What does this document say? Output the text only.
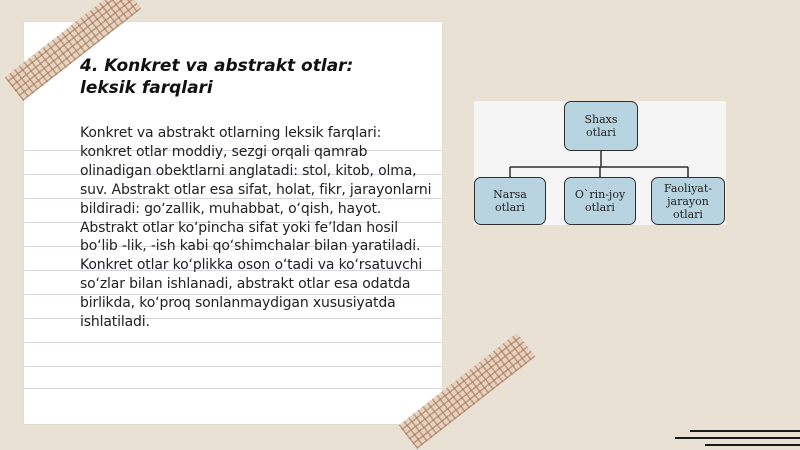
4. Konkret va abstrakt otlar: leksik farqlari

Konkret va abstrakt otlarning leksik farqlari: konkret otlar moddiy, sezgi orqali qamrab olinadigan obektlarni anglatadi: stol, kitob, olma, suv. Abstrakt otlar esa sifat, holat, fikr, jarayonlarni bildiradi: go‘zallik, muhabbat, o‘qish, hayot. Abstrakt otlar ko‘pincha sifat yoki fe’ldan hosil bo‘lib -lik, -ish kabi qo‘shimchalar bilan yaratiladi. Konkret otlar ko‘plikka oson o‘tadi va ko‘rsatuvchi so‘zlar bilan ishlanadi, abstrakt otlar esa odatda birlikda, ko‘proq sonlanmaydigan xususiyatda ishlatiladi.

Shaxs
otlari
Narsa
otlari
O`rin-joy
otlari
Faoliyat-
jarayon otlari
